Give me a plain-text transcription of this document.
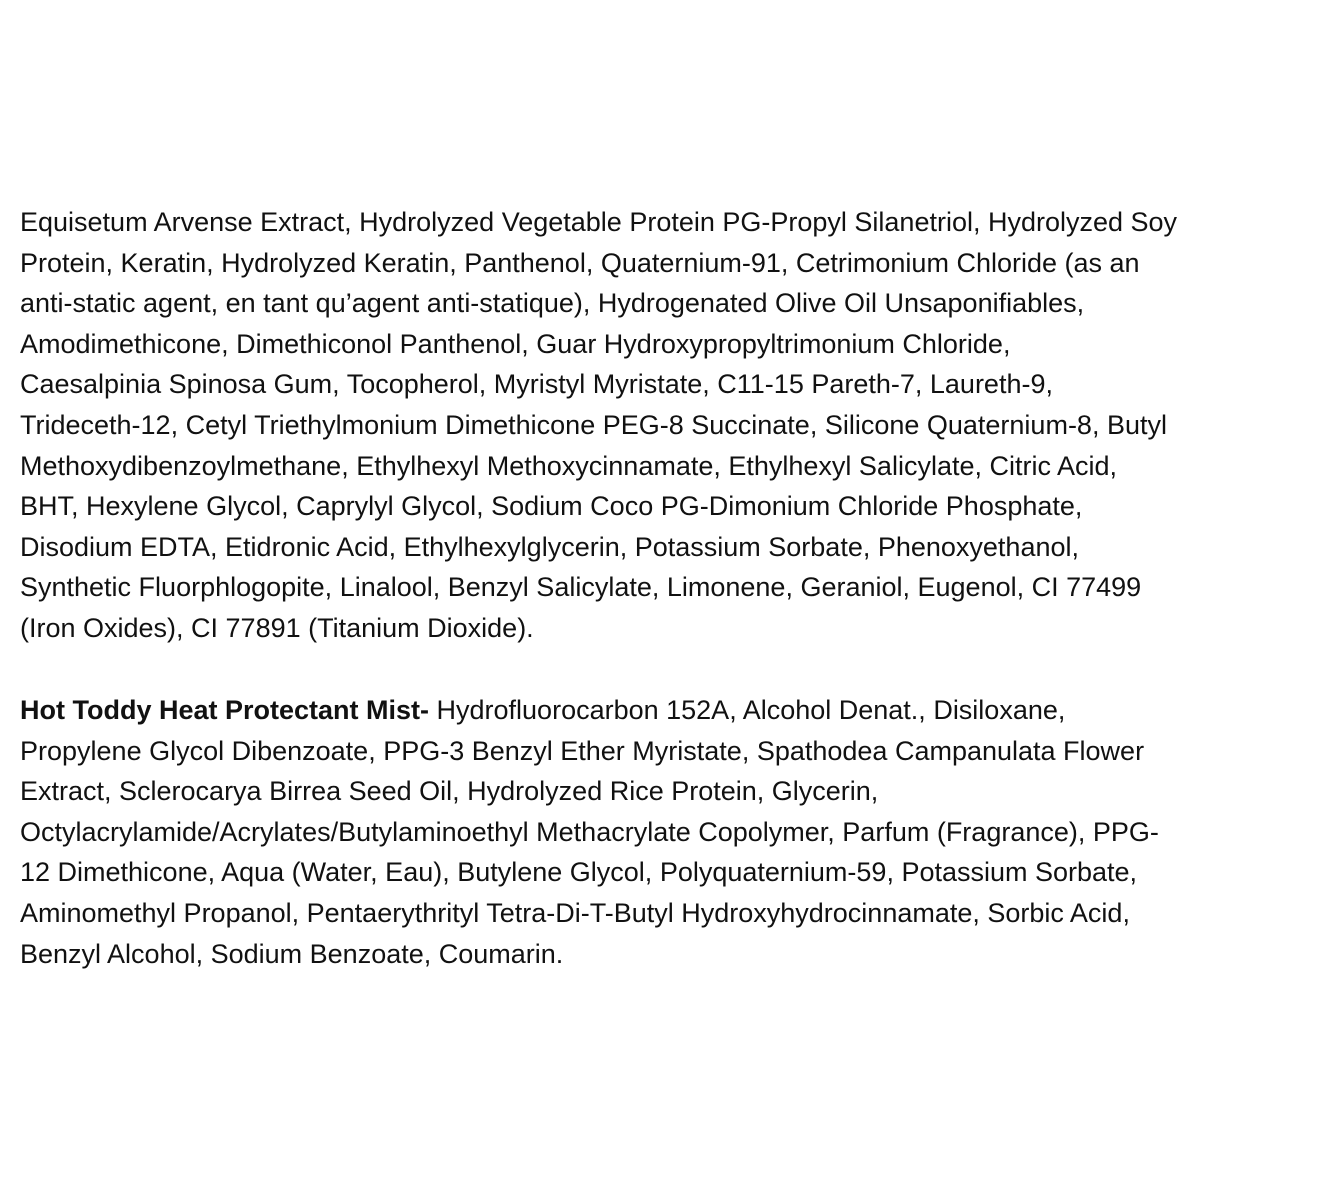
Equisetum Arvense Extract, Hydrolyzed Vegetable Protein PG-Propyl Silanetriol, Hydrolyzed Soy
Protein, Keratin, Hydrolyzed Keratin, Panthenol, Quaternium-91, Cetrimonium Chloride (as an
anti-static agent, en tant qu’agent anti-statique), Hydrogenated Olive Oil Unsaponifiables,
Amodimethicone, Dimethiconol Panthenol, Guar Hydroxypropyltrimonium Chloride,
Caesalpinia Spinosa Gum, Tocopherol, Myristyl Myristate, C11-15 Pareth-7, Laureth-9,
Trideceth-12, Cetyl Triethylmonium Dimethicone PEG-8 Succinate, Silicone Quaternium-8, Butyl
Methoxydibenzoylmethane, Ethylhexyl Methoxycinnamate, Ethylhexyl Salicylate, Citric Acid,
BHT, Hexylene Glycol, Caprylyl Glycol, Sodium Coco PG-Dimonium Chloride Phosphate,
Disodium EDTA, Etidronic Acid, Ethylhexylglycerin, Potassium Sorbate, Phenoxyethanol,
Synthetic Fluorphlogopite, Linalool, Benzyl Salicylate, Limonene, Geraniol, Eugenol, CI 77499
(Iron Oxides), CI 77891 (Titanium Dioxide).
Hot Toddy Heat Protectant Mist- Hydrofluorocarbon 152A, Alcohol Denat., Disiloxane,
Propylene Glycol Dibenzoate, PPG-3 Benzyl Ether Myristate, Spathodea Campanulata Flower
Extract, Sclerocarya Birrea Seed Oil, Hydrolyzed Rice Protein, Glycerin,
Octylacrylamide/Acrylates/Butylaminoethyl Methacrylate Copolymer, Parfum (Fragrance), PPG-
12 Dimethicone, Aqua (Water, Eau), Butylene Glycol, Polyquaternium-59, Potassium Sorbate,
Aminomethyl Propanol, Pentaerythrityl Tetra-Di-T-Butyl Hydroxyhydrocinnamate, Sorbic Acid,
Benzyl Alcohol, Sodium Benzoate, Coumarin.
